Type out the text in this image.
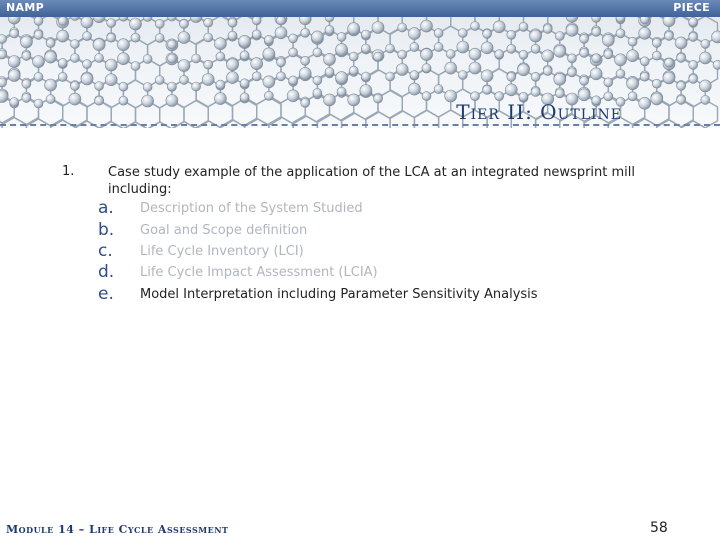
NAMP	PIECE
Tier II: Outline
1.	Case study example of the application of the LCA at an integrated newsprint mill including:
a. Description of the System Studied
b. Goal and Scope definition
c. Life Cycle Inventory (LCI)
d. Life Cycle Impact Assessment (LCIA)
e. Model Interpretation including Parameter Sensitivity Analysis
Module 14 – Life Cycle Assessment	58
